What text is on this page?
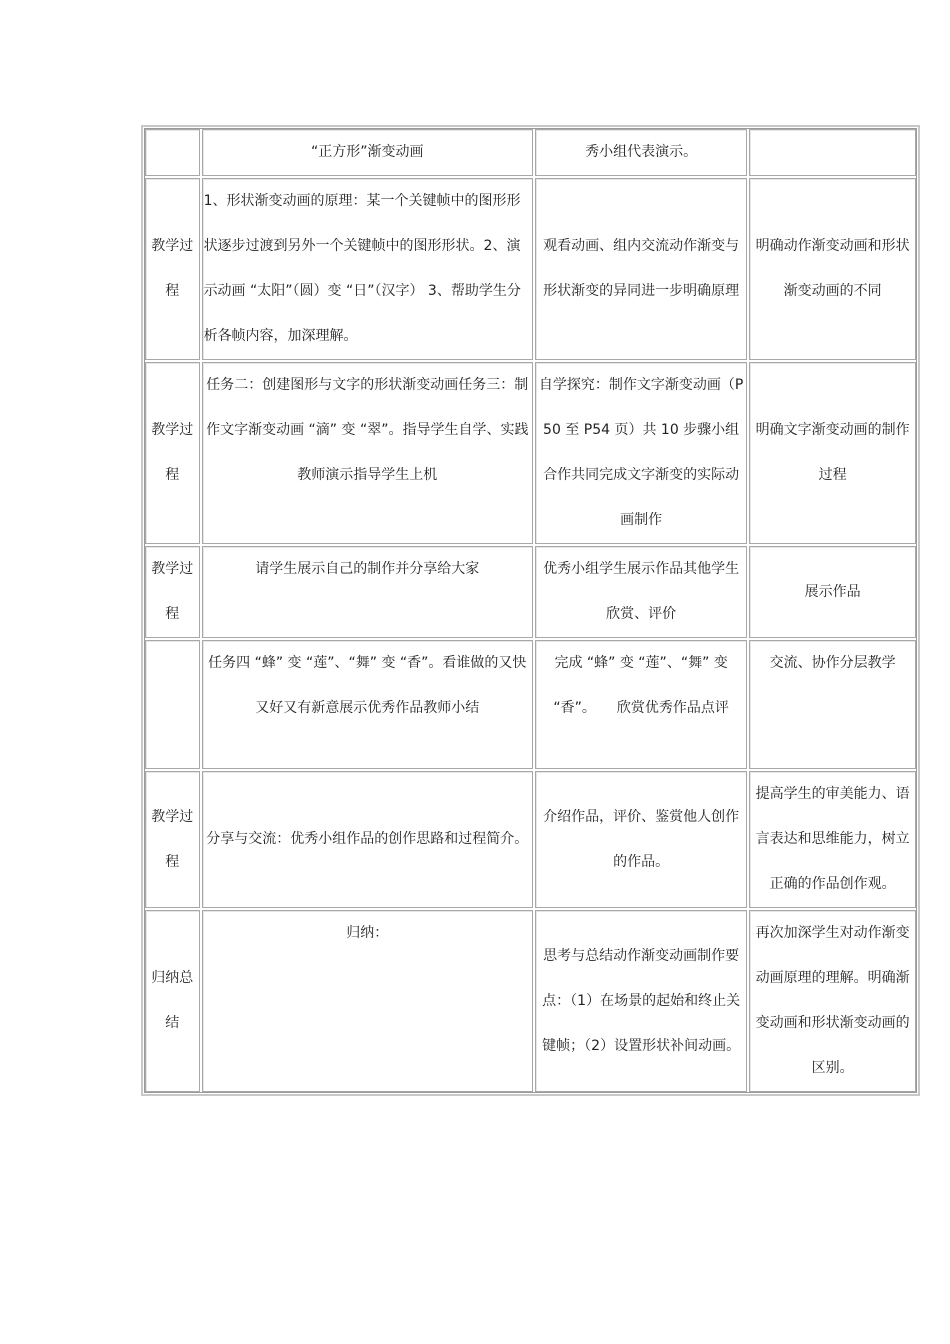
	“正方形”渐变动画	秀小组代表演示。	
教学过程	1、形状渐变动画的原理：某一个关键帧中的图形形状逐步过渡到另外一个关键帧中的图形形状。2、演示动画 “太阳”（圆）变 “日”（汉字） 3、帮助学生分析各帧内容，加深理解。	观看动画、组内交流动作渐变与形状渐变的异同进一步明确原理	明确动作渐变动画和形状渐变动画的不同
教学过程	任务二：创建图形与文字的形状渐变动画任务三：制作文字渐变动画 “滴” 变 “翠”。指导学生自学、实践教师演示指导学生上机	自学探究：制作文字渐变动画（P50 至 P54 页）共 10 步骤小组合作共同完成文字渐变的实际动画制作	明确文字渐变动画的制作过程
教学过程	请学生展示自己的制作并分享给大家	优秀小组学生展示作品其他学生欣赏、评价	展示作品
	任务四 “蜂” 变 “莲”、“舞” 变 “香”。看谁做的又快又好又有新意展示优秀作品教师小结	完成 “蜂” 变 “莲”、“舞” 变 “香”。　　欣赏优秀作品点评	交流、协作分层教学
教学过程	分享与交流：优秀小组作品的创作思路和过程简介。	介绍作品，评价、鉴赏他人创作的作品。	提高学生的审美能力、语言表达和思维能力，树立正确的作品创作观。
归纳总结	归纳：	思考与总结动作渐变动画制作要点：（1）在场景的起始和终止关键帧；（2）设置形状补间动画。	再次加深学生对动作渐变动画原理的理解。明确渐变动画和形状渐变动画的区别。
